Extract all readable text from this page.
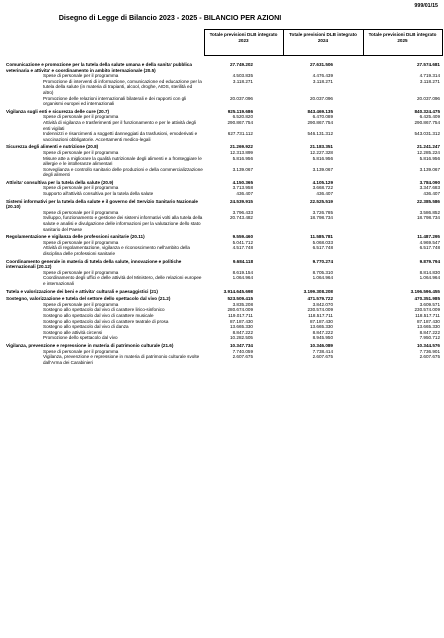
999/01/15
Disegno di Legge di Bilancio 2023 - 2025 - BILANCIO PER AZIONI
	Totale previsioni DLB integrato 2023	Totale previsioni DLB integrato 2024	Totale previsioni DLB integrato 2025

Comunicazione e promozione per la tutela della salute umana e della sanita' pubblica veterinaria e attivita' e coordinamento in ambito internazionale (20.5)	27.749.202	27.631.506	27.574.681
Spese di personale per il programma	4.503.835	4.476.439	4.719.314
Promozione di interventi di informazione, comunicazione ed educazione per la tutela della salute (in materia di trapianti, alcool, droghe, AIDS, sterilità ed altro)	3.118.271	3.118.271	3.118.271
Promozione delle relazioni internazionali bilaterali e dei rapporti con gli organismi europei ed internazionali	20.037.096	20.037.096	20.037.096
Vigilanza sugli enti e sicurezza delle cure (20.7)	925.119.686	843.469.135	840.324.475
Spese di personale per il programma	6.520.820	6.470.089	6.425.409
Attività di vigilanza e trasferimenti per il funzionamento e per le attività degli enti vigilati	290.867.754	290.867.754	290.867.754
Indennizzi e risarcimenti a soggetti danneggiati da trasfusioni, emoderivati e vaccinazioni obbligatorie. Accertamenti medico-legali	627.731.112	546.131.312	543.031.312
Sicurezza degli alimenti e nutrizione (20.8)	21.269.922	21.183.351	21.241.247
Spese di personale per il programma	12.313.899	12.227.328	12.285.224
Misure atte a migliorare la qualità nutrizionale degli alimenti e a fronteggiare le allergie e le intolleranze alimentari	5.816.956	5.816.956	5.816.956
Sorveglianza e controllo sanitario delle produzioni e della commercializzazione degli alimenti	3.139.067	3.139.067	3.139.067
Attivita' consultiva per la tutela della salute (20.9)	4.150.365	4.105.129	3.784.090
Spese di personale per il programma	3.713.958	3.668.722	3.347.683
Supporto all'attività consultiva per la tutela della salute	436.407	436.407	436.407
Sistemi informativi per la tutela della salute e il governo del Servizio Sanitario Nazionale (20.10)	24.539.915	22.525.519	22.385.586
Spese di personale per il programma	3.796.433	3.726.785	3.586.852
Sviluppo, funzionamento e gestione dei sistemi informativi volti alla tutela della salute e analisi e divulgazione delle informazioni per la valutazione dello stato sanitario del Paese	20.743.482	18.798.734	18.798.734
Regolamentazione e vigilanza delle professioni sanitarie (20.11)	9.559.460	11.585.781	11.487.295
Spese di personale per il programma	5.041.712	5.068.033	4.969.547
Attività di regolamentazione, vigilanza e riconoscimento nell'ambito della disciplina delle professioni sanitarie	4.517.748	6.517.748	6.517.748
Coordinamento generale in materia di tutela della salute, innovazione e politiche internazionali (20.12)	9.684.118	9.770.274	9.879.794
Spese di personale per il programma	8.619.154	8.705.310	8.814.830
Coordinamento degli uffici e delle attività del Ministero, delle relazioni europee e internazionali	1.064.964	1.064.964	1.064.964
Tutela e valorizzazione dei beni e attivita' culturali e paesaggistici (21)	3.914.645.698	3.199.308.208	3.196.596.455
Sostegno, valorizzazione e tutela del settore dello spettacolo dal vivo (21.2)	523.509.415	471.579.722	470.351.985
Spese di personale per il programma	3.835.208	3.842.070	3.609.571
Sostegno allo spettacolo dal vivo di carattere lirico-sinfonico	280.674.009	230.574.009	230.574.009
Sostegno allo spettacolo dal vivo di carattere musicale	119.017.711	118.517.711	118.517.711
Sostegno allo spettacolo dal vivo di carattere teatrale di prosa	87.187.430	87.187.430	87.187.430
Sostegno allo spettacolo dal vivo di danza	13.665.330	13.665.330	13.665.330
Sostegno alle attività circensi	8.847.222	8.847.222	8.847.222
Promozione dello spettacolo dal vivo	10.282.505	8.945.950	7.950.712
Vigilanza, prevenzione e repressione in materia di patrimonio culturale (21.6)	10.347.734	10.346.089	10.344.576
Spese di personale per il programma	7.740.059	7.738.414	7.736.901
Vigilanza, prevenzione e repressione in materia di patrimonio culturale svolte dall'Arma dei Carabinieri	2.607.675	2.607.675	2.607.675
